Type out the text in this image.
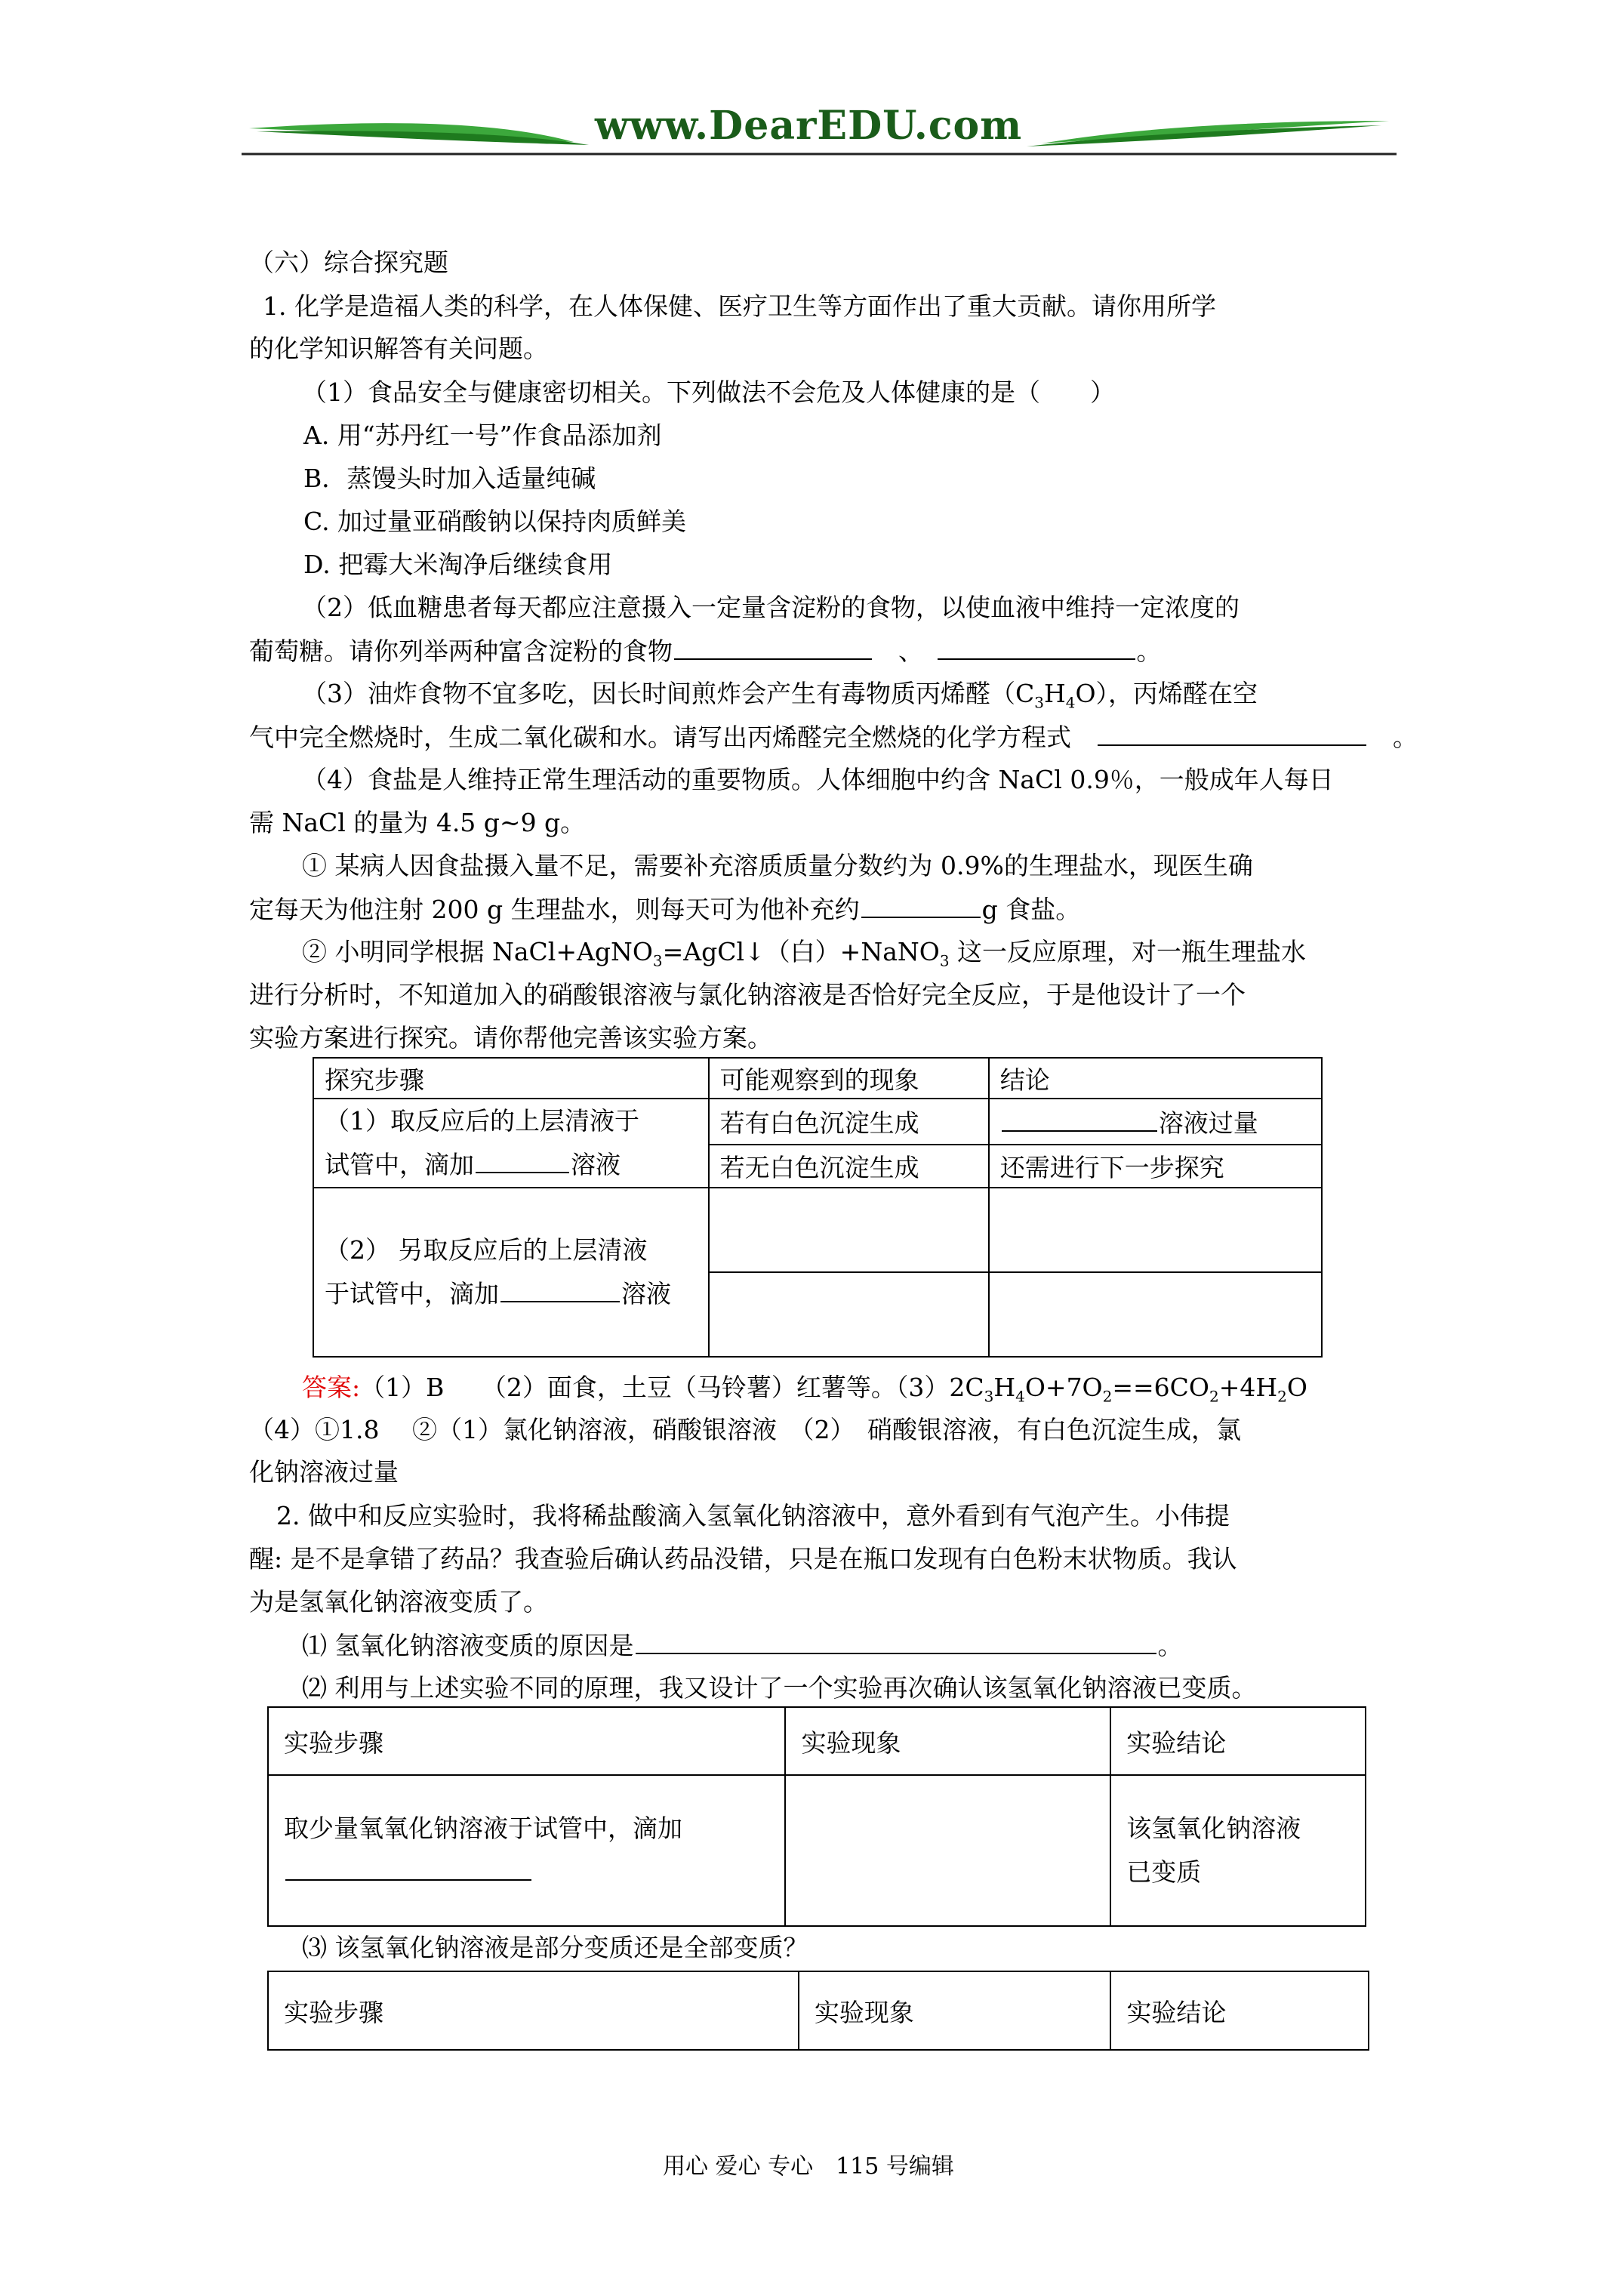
www.DearEDU.com
（六）综合探究题
1. 化学是造福人类的科学，在人体保健、医疗卫生等方面作出了重大贡献。请你用所学
的化学知识解答有关问题。
（1）食品安全与健康密切相关。下列做法不会危及人体健康的是（　　）
A. 用“苏丹红一号”作食品添加剂
B．蒸馒头时加入适量纯碱
C. 加过量亚硝酸钠以保持肉质鲜美
D. 把霉大米淘净后继续食用
（2）低血糖患者每天都应注意摄入一定量含淀粉的食物，以使血液中维持一定浓度的
葡萄糖。请你列举两种富含淀粉的食物　	、　	。
（3）油炸食物不宜多吃，因长时间煎炸会产生有毒物质丙烯醛$(C_3H_4O)$，丙烯醛在空
气中完全燃烧时，生成二氧化碳和水。请写出丙烯醛完全燃烧的化学方程式　　	。
（4）食盐是人维持正常生理活动的重要物质。人体细胞中约含 NaCl 0.9％，一般成年人每日
需 NaCl 的量为 4.5 g~9 g。
① 某病人因食盐摄入量不足，需要补充溶质质量分数约为 0.9%的生理盐水，现医生确
定每天为他注射 200 g 生理盐水，则每天可为他补充约	g 食盐。
② 小明同学根据 NaCl+AgNO$_3$=AgCl↓（白）+NaNO$_3$ 这一反应原理，对一瓶生理盐水
进行分析时，不知道加入的硝酸银溶液与氯化钠溶液是否恰好完全反应，于是他设计了一个
实验方案进行探究。请你帮他完善该实验方案。
探究步骤	可能观察到的现象	结论

（1）取反应后的上层清液于
试管中，滴加 溶液	若有白色沉淀生成	溶液过量
	若无白色沉淀生成	还需进行下一步探究

（2） 另取反应后的上层清液
于试管中，滴加 溶液		

答案:（1）B　　（2）面食，土豆（马铃薯）红薯等。$(3)2C_3H_4O+7O_2==6CO_2+4H_2O$
（4）①1.8　 ②（1）氯化钠溶液，硝酸银溶液　（2）　硝酸银溶液，有白色沉淀生成，氯
化钠溶液过量
2. 做中和反应实验时，我将稀盐酸滴入氢氧化钠溶液中，意外看到有气泡产生。小伟提
醒: 是不是拿错了药品？我查验后确认药品没错，只是在瓶口发现有白色粉末状物质。我认
为是氢氧化钠溶液变质了。
⑴ 氢氧化钠溶液变质的原因是	。
⑵ 利用与上述实验不同的原理，我又设计了一个实验再次确认该氢氧化钠溶液已变质。
实验步骤	实验现象	实验结论

取少量氧氧化钠溶液于试管中，滴加		该氢氧化钠溶液
已变质
⑶ 该氢氧化钠溶液是部分变质还是全部变质？
实验步骤	实验现象	实验结论
用心 爱心 专心　115 号编辑
